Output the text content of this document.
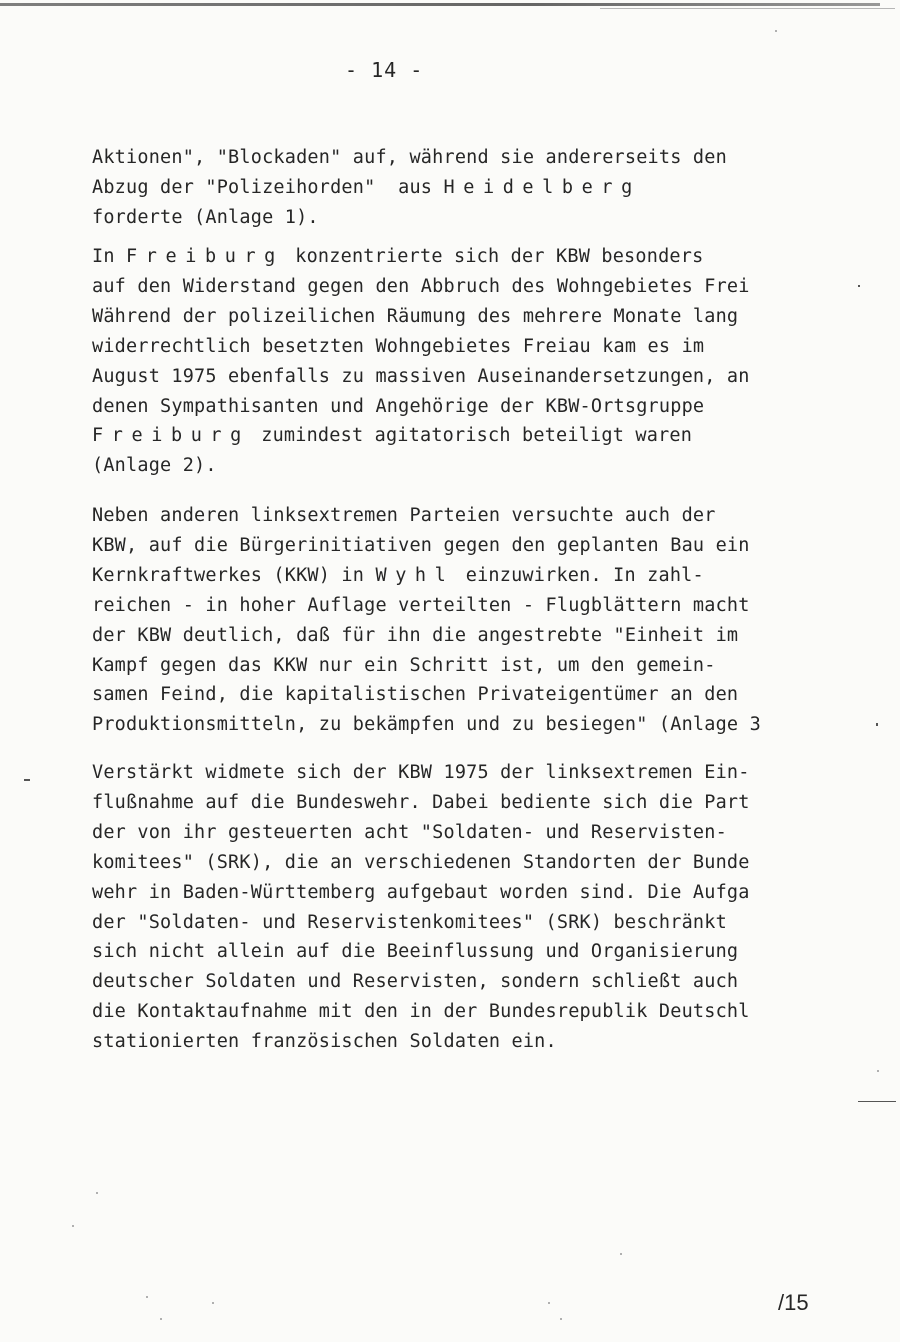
- 14 -
Aktionen", "Blockaden" auf, während sie andererseits den
Abzug der "Polizeihorden"  aus Heidelberg
forderte (Anlage 1).
In Freiburg konzentrierte sich der KBW besonders
auf den Widerstand gegen den Abbruch des Wohngebietes Frei
Während der polizeilichen Räumung des mehrere Monate lang
widerrechtlich besetzten Wohngebietes Freiau kam es im
August 1975 ebenfalls zu massiven Auseinandersetzungen, an
denen Sympathisanten und Angehörige der KBW-Ortsgruppe
Freiburg zumindest agitatorisch beteiligt waren
(Anlage 2).
Neben anderen linksextremen Parteien versuchte auch der
KBW, auf die Bürgerinitiativen gegen den geplanten Bau ein
Kernkraftwerkes (KKW) in Wyhl einzuwirken. In zahl-
reichen - in hoher Auflage verteilten - Flugblättern macht
der KBW deutlich, daß für ihn die angestrebte "Einheit im
Kampf gegen das KKW nur ein Schritt ist, um den gemein-
samen Feind, die kapitalistischen Privateigentümer an den
Produktionsmitteln, zu bekämpfen und zu besiegen" (Anlage 3
Verstärkt widmete sich der KBW 1975 der linksextremen Ein-
flußnahme auf die Bundeswehr. Dabei bediente sich die Part
der von ihr gesteuerten acht "Soldaten- und Reservisten-
komitees" (SRK), die an verschiedenen Standorten der Bunde
wehr in Baden-Württemberg aufgebaut worden sind. Die Aufga
der "Soldaten- und Reservistenkomitees" (SRK) beschränkt
sich nicht allein auf die Beeinflussung und Organisierung
deutscher Soldaten und Reservisten, sondern schließt auch
die Kontaktaufnahme mit den in der Bundesrepublik Deutschl
stationierten französischen Soldaten ein.
/15
